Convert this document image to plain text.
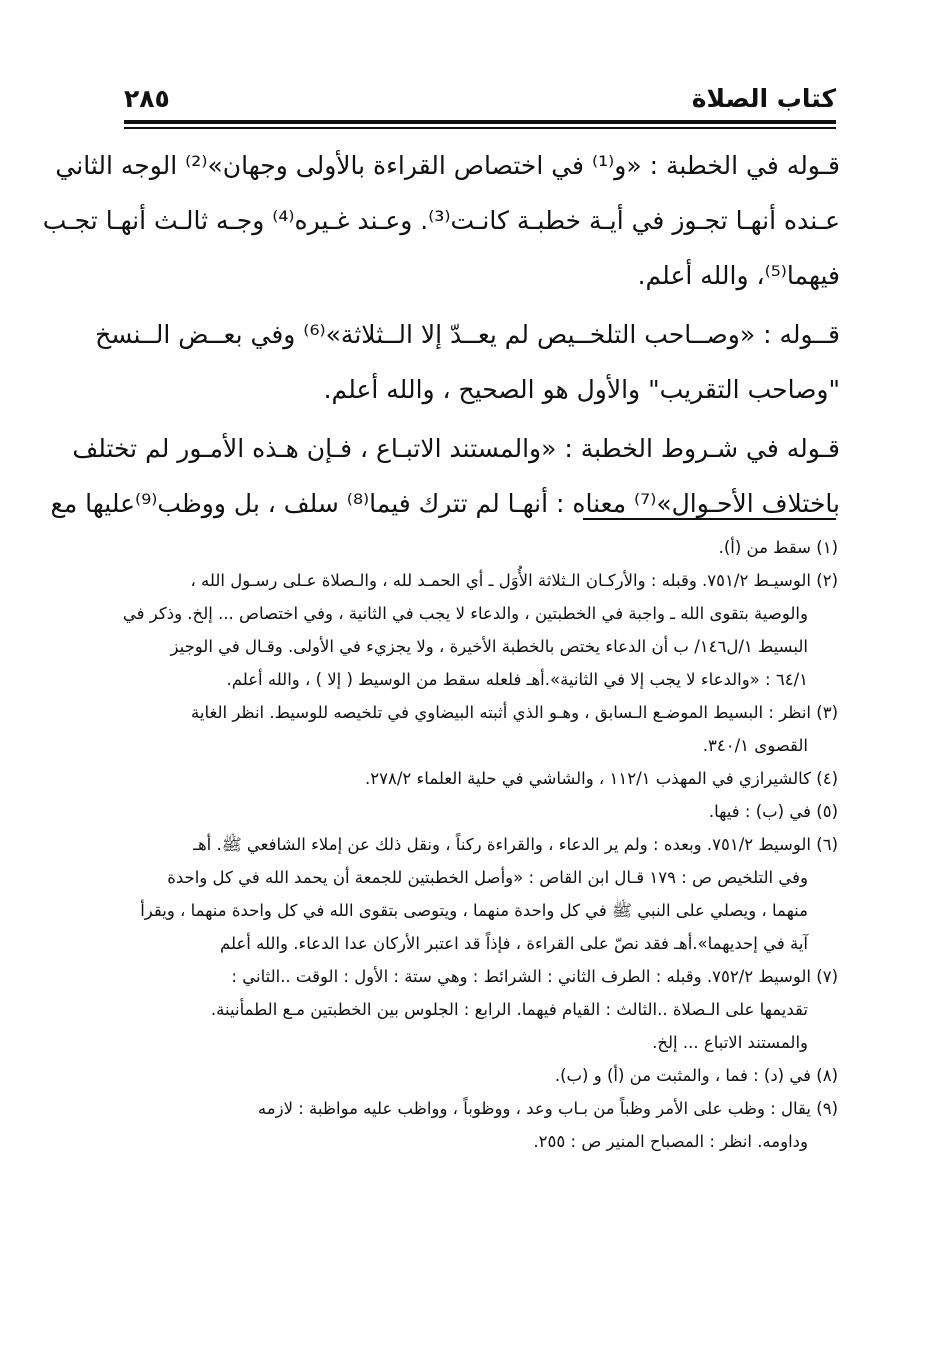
كتاب الصلاة
٢٨٥
قـوله في الخطبة : «و⁽¹⁾ في اختصاص القراءة بالأولى وجهان»⁽²⁾ الوجه الثاني
عـنده أنهـا تجـوز في أيـة خطبـة كانـت⁽³⁾. وعـند غـيره⁽⁴⁾ وجـه ثالـث أنهـا تجـب
فيهما⁽⁵⁾، والله أعلم.
قــوله : «وصــاحب التلخــيص لم يعــدّ إلا الــثلاثة»⁽⁶⁾ وفي بعــض الــنسخ
"وصاحب التقريب" والأول هو الصحيح ، والله أعلم.
قـوله في شـروط الخطبة : «والمستند الاتبـاع ، فـإن هـذه الأمـور لم تختلف
باختلاف الأحـوال»⁽⁷⁾ معناه : أنهـا لم تترك فيما⁽⁸⁾ سلف ، بل ووظب⁽⁹⁾عليها مع
(١) سقط من (أ).
(٢) الوسيـط ٧٥١/٢. وقبله : والأركـان الـثلاثة الأُوَل ـ أي الحمـد لله ، والـصلاة عـلى رسـول الله ،
والوصية بتقوى الله ـ واجبة في الخطبتين ، والدعاء لا يجب في الثانية ، وفي اختصاص ... إلخ. وذكر في
البسيط ١/ل١٤٦/ ب أن الدعاء يختص بالخطبة الأخيرة ، ولا يجزيء في الأولى. وقـال في الوجيز
٦٤/١ : «والدعاء لا يجب إلا في الثانية».أهـ فلعله سقط من الوسيط ( إلا ) ، والله أعلم.
(٣) انظر : البسيط الموضـع الـسابق ، وهـو الذي أثبته البيضاوي في تلخيصه للوسيط. انظر الغاية
القصوى ٣٤٠/١.
(٤) كالشيرازي في المهذب ١١٢/١ ، والشاشي في حلية العلماء ٢٧٨/٢.
(٥) في (ب) : فيها.
(٦) الوسيط ٧٥١/٢. وبعده : ولم ير الدعاء ، والقراءة ركناً ، ونقل ذلك عن إملاء الشافعي ﷺ. أهـ
وفي التلخيص ص : ١٧٩ قـال ابن القاص : «وأصل الخطبتين للجمعة أن يحمد الله في كل واحدة
منهما ، ويصلي على النبي ﷺ في كل واحدة منهما ، ويتوصى بتقوى الله في كل واحدة منهما ، ويقرأ
آية في إحديهما».أهـ فقد نصّ على القراءة ، فإذاً قد اعتبر الأركان عدا الدعاء. والله أعلم
(٧) الوسيط ٧٥٢/٢. وقبله : الطرف الثاني : الشرائط : وهي ستة : الأول : الوقت ..الثاني :
تقديمها على الـصلاة ..الثالث : القيام فيهما. الرابع : الجلوس بين الخطبتين مـع الطمأنينة.
والمستند الاتباع ... إلخ.
(٨) في (د) : فما ، والمثبت من (أ) و (ب).
(٩) يقال : وظب على الأمر وظباً من بـاب وعد ، ووظوباً ، وواظب عليه مواظبة : لازمه
وداومه. انظر : المصباح المنير ص : ٢٥٥.
